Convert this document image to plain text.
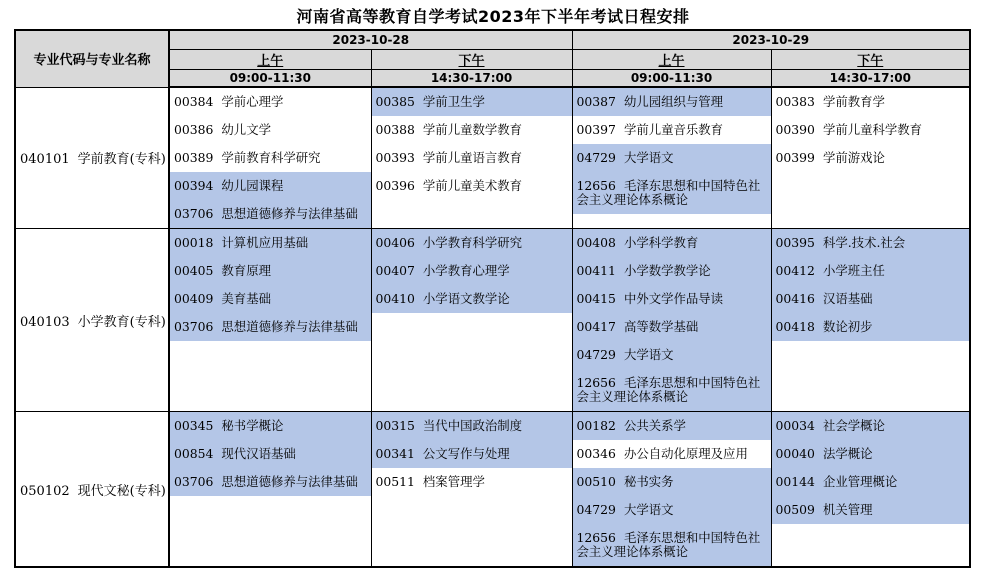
河南省高等教育自学考试2023年下半年考试日程安排
专业代码与专业名称	2023-10-28		2023-10-29	
	上午	下午	上午	下午
	09:00-11:30	14:30-17:00	09:00-11:30	14:30-17:00
040101 学前教育(专科)	
00384 学前心理学
00386 幼儿文学
00389 学前教育科学研究
00394 幼儿园课程
03706 思想道德修养与法律基础

00385 学前卫生学
00388 学前儿童数学教育
00393 学前儿童语言教育
00396 学前儿童美术教育

00387 幼儿园组织与管理
00397 学前儿童音乐教育
04729 大学语文
12656 毛泽东思想和中国特色社会主义理论体系概论

00383 学前教育学
00390 学前儿童科学教育
00399 学前游戏论

040103 小学教育(专科)	
00018 计算机应用基础
00405 教育原理
00409 美育基础
03706 思想道德修养与法律基础

00406 小学教育科学研究
00407 小学教育心理学
00410 小学语文教学论

00408 小学科学教育
00411 小学数学教学论
00415 中外文学作品导读
00417 高等数学基础
04729 大学语文
12656 毛泽东思想和中国特色社会主义理论体系概论

00395 科学.技术.社会
00412 小学班主任
00416 汉语基础
00418 数论初步

050102 现代文秘(专科)	
00345 秘书学概论
00854 现代汉语基础
03706 思想道德修养与法律基础

00315 当代中国政治制度
00341 公文写作与处理
00511 档案管理学

00182 公共关系学
00346 办公自动化原理及应用
00510 秘书实务
04729 大学语文
12656 毛泽东思想和中国特色社会主义理论体系概论

00034 社会学概论
00040 法学概论
00144 企业管理概论
00509 机关管理
